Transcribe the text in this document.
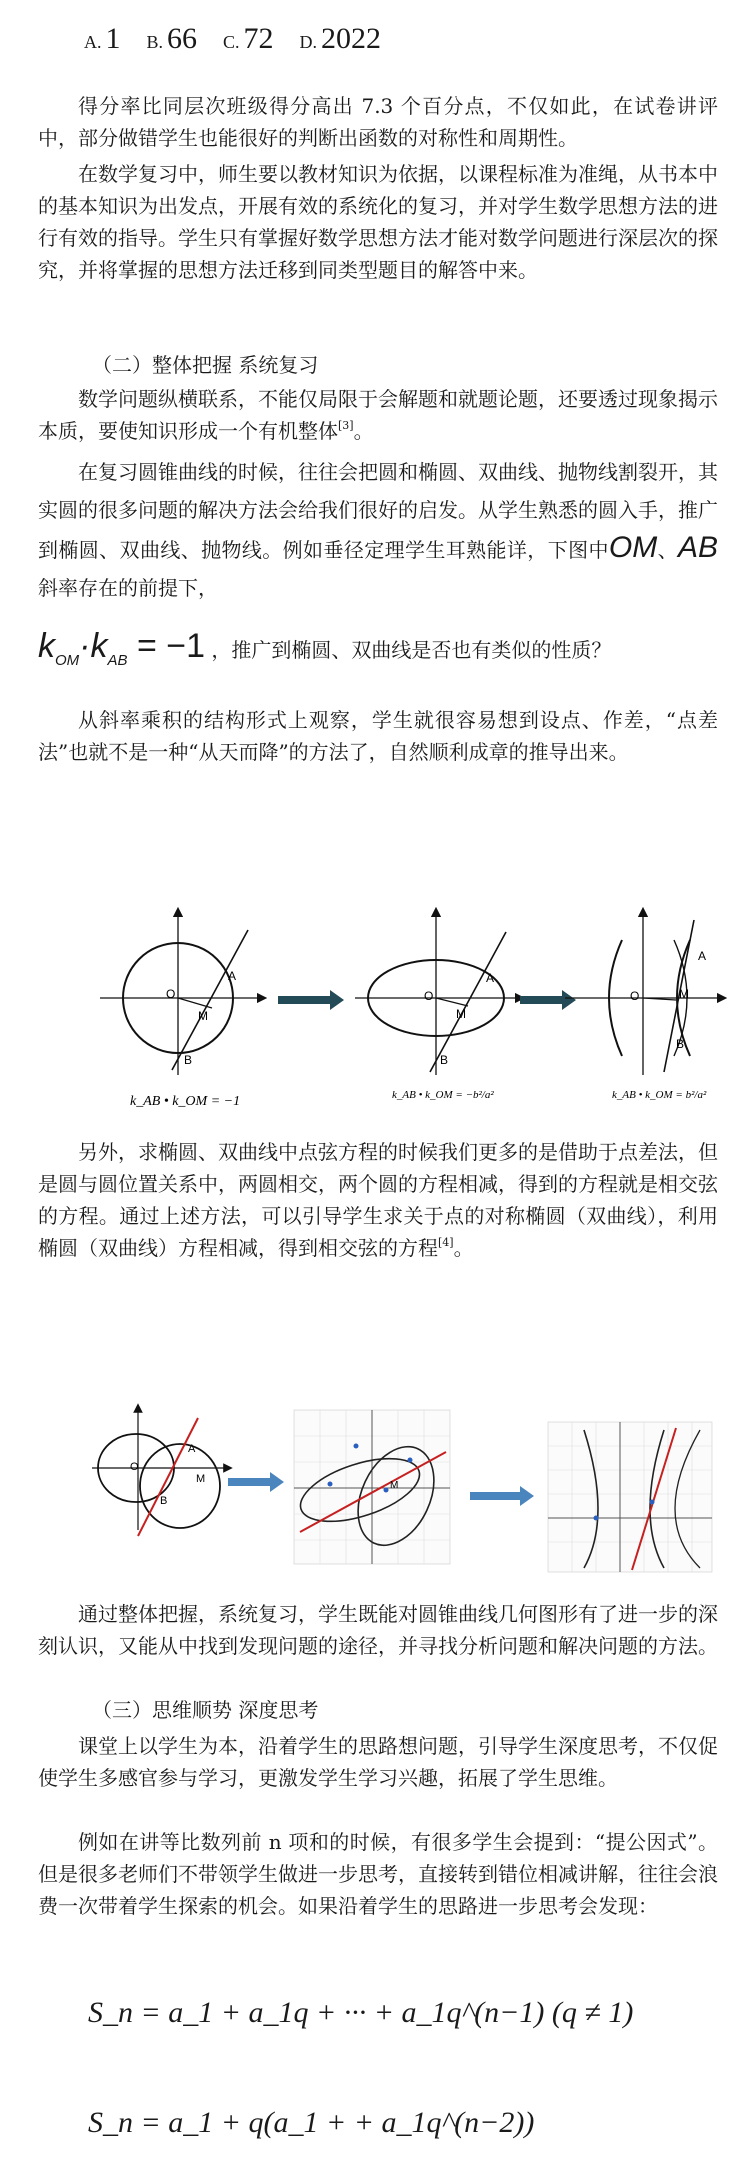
A. 1 B. 66 C. 72 D. 2022

得分率比同层次班级得分高出 7.3 个百分点，不仅如此，在试卷讲评中，部分做错学生也能很好的判断出函数的对称性和周期性。

在数学复习中，师生要以教材知识为依据，以课程标准为准绳，从书本中的基本知识为出发点，开展有效的系统化的复习，并对学生数学思想方法的进行有效的指导。学生只有掌握好数学思想方法才能对数学问题进行深层次的探究，并将掌握的思想方法迁移到同类型题目的解答中来。

（二）整体把握 系统复习

数学问题纵横联系，不能仅局限于会解题和就题论题，还要透过现象揭示本质，要使知识形成一个有机整体[3]。

在复习圆锥曲线的时候，往往会把圆和椭圆、双曲线、抛物线割裂开，其实圆的很多问题的解决方法会给我们很好的启发。从学生熟悉的圆入手，推广到椭圆、双曲线、抛物线。例如垂径定理学生耳熟能详，下图中OM、AB斜率存在的前提下，

$k_{OM}\cdot k_{AB} = -1$ ，推广到椭圆、双曲线是否也有类似的性质？

从斜率乘积的结构形式上观察，学生就很容易想到设点、作差，“点差法”也就不是一种“从天而降”的方法了，自然顺利成章的推导出来。

A
O
M
B
A
O
M
B
A
O	M
B
k_AB • k_OM = −1	k_AB • k_OM = −b²/a²	k_AB • k_OM = b²/a²

另外，求椭圆、双曲线中点弦方程的时候我们更多的是借助于点差法，但是圆与圆位置关系中，两圆相交，两个圆的方程相减，得到的方程就是相交弦的方程。通过上述方法，可以引导学生求关于点的对称椭圆（双曲线），利用椭圆（双曲线）方程相减，得到相交弦的方程[4]。

A
O
M
B
M

通过整体把握，系统复习，学生既能对圆锥曲线几何图形有了进一步的深刻认识，又能从中找到发现问题的途径，并寻找分析问题和解决问题的方法。

（三）思维顺势 深度思考

课堂上以学生为本，沿着学生的思路想问题，引导学生深度思考，不仅促使学生多感官参与学习，更激发学生学习兴趣，拓展了学生思维。

例如在讲等比数列前 n 项和的时候，有很多学生会提到：“提公因式”。但是很多老师们不带领学生做进一步思考，直接转到错位相减讲解，往往会浪费一次带着学生探索的机会。如果沿着学生的思路进一步思考会发现：

S_n = a_1 + a_1q + ··· + a_1q^(n−1) (q ≠ 1)
S_n = a_1 + q(a_1 + + a_1q^(n−2))
